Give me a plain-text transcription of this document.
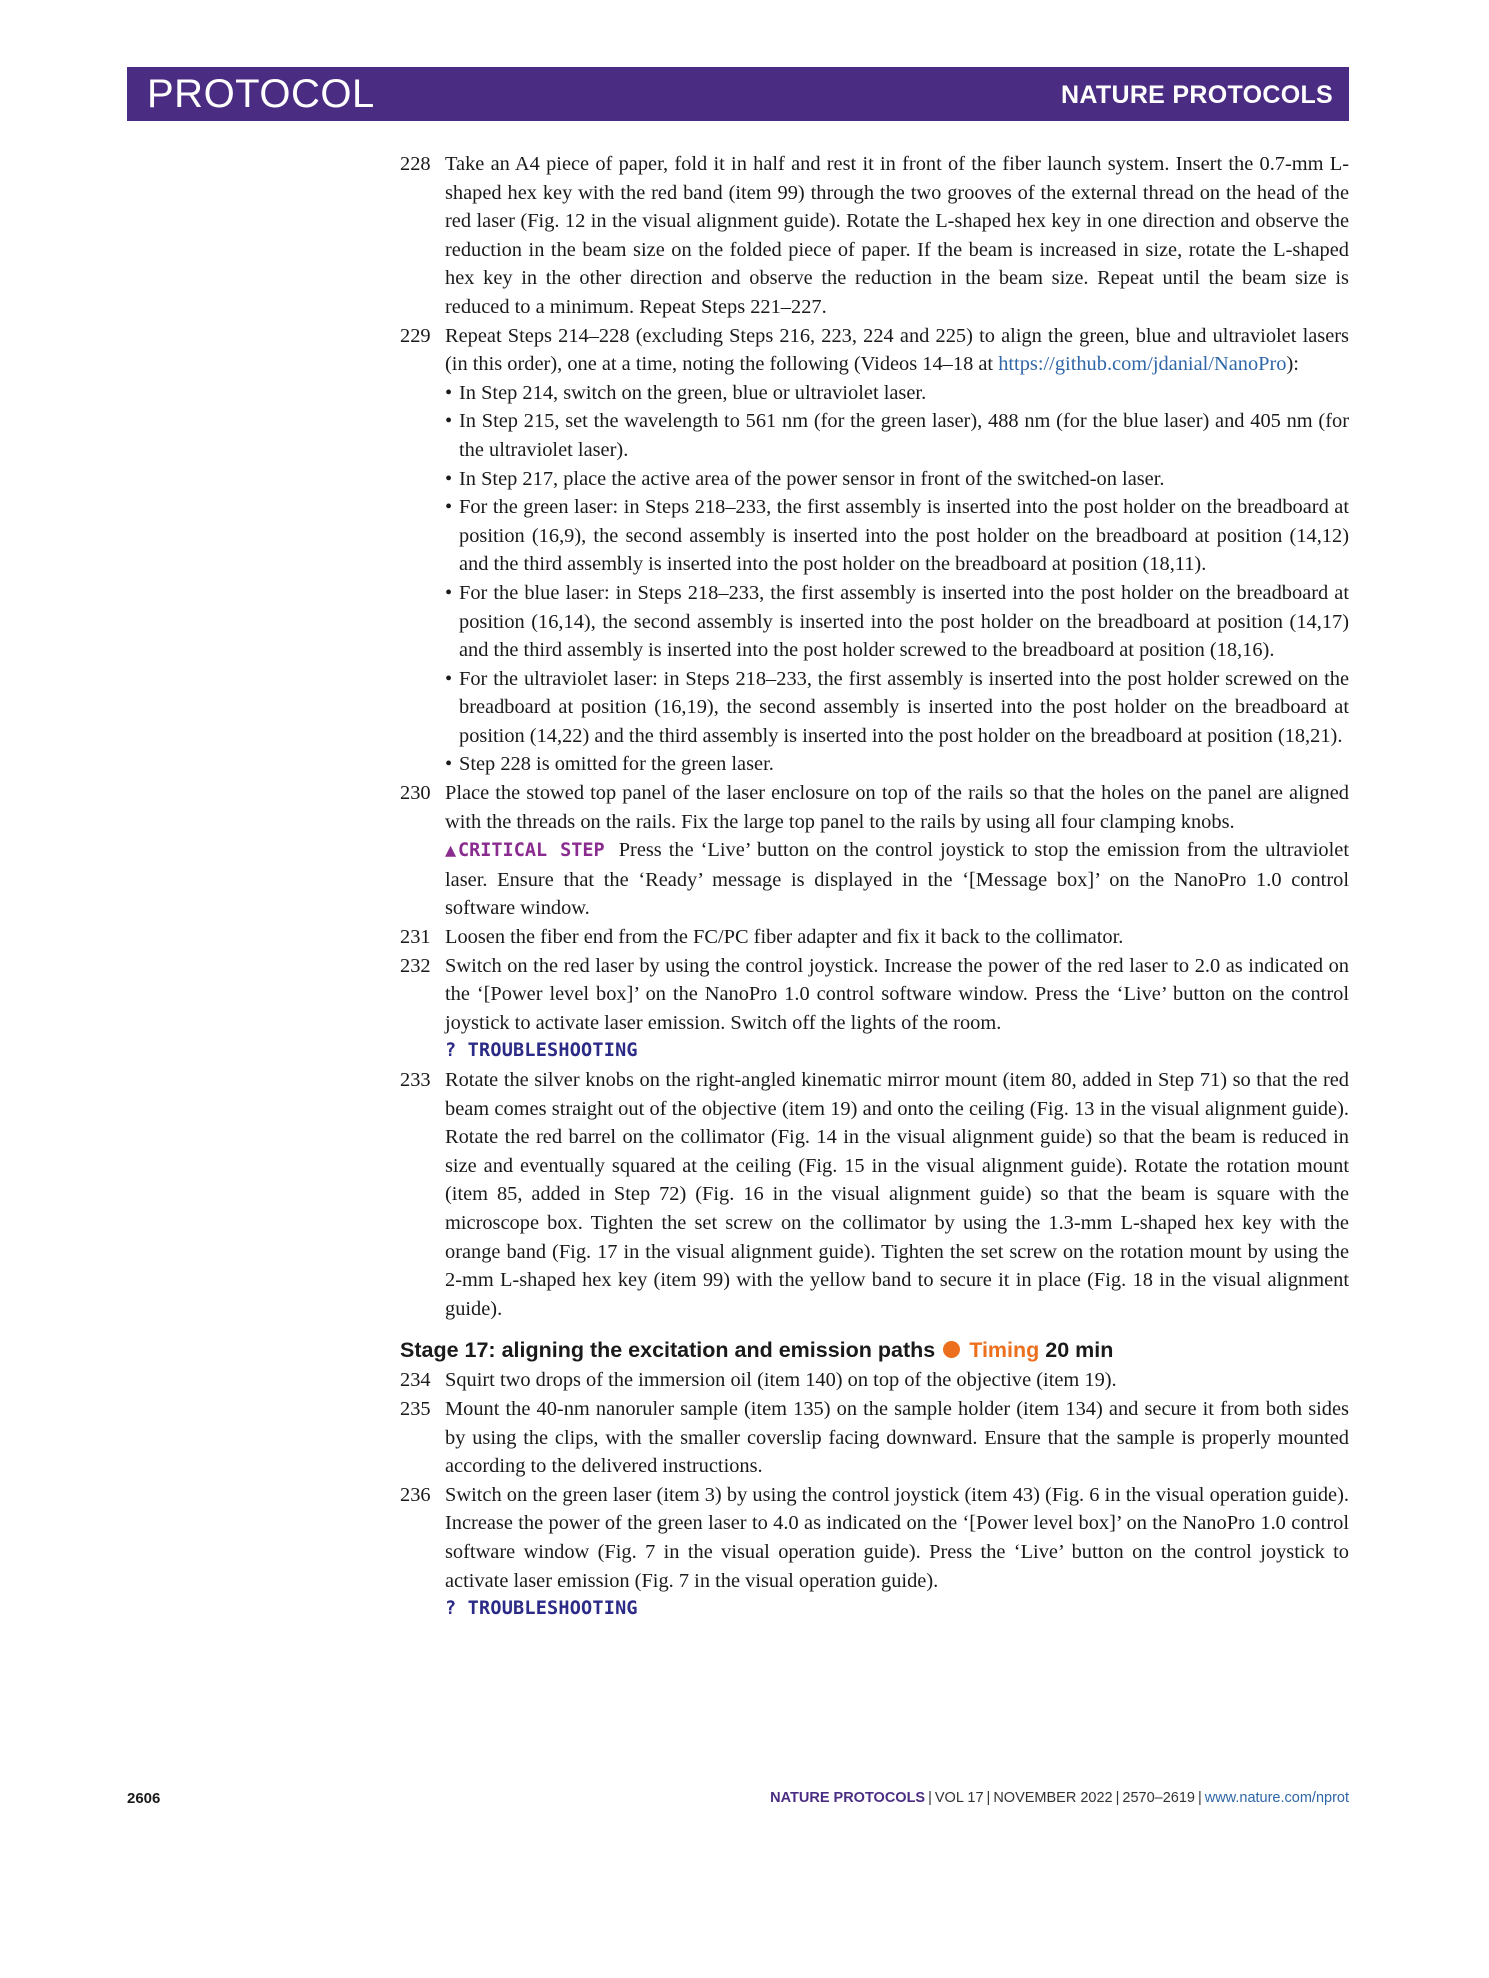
PROTOCOL	NATURE PROTOCOLS
228 Take an A4 piece of paper, fold it in half and rest it in front of the fiber launch system. Insert the 0.7-mm L-shaped hex key with the red band (item 99) through the two grooves of the external thread on the head of the red laser (Fig. 12 in the visual alignment guide). Rotate the L-shaped hex key in one direction and observe the reduction in the beam size on the folded piece of paper. If the beam is increased in size, rotate the L-shaped hex key in the other direction and observe the reduction in the beam size. Repeat until the beam size is reduced to a minimum. Repeat Steps 221–227.
229 Repeat Steps 214–228 (excluding Steps 216, 223, 224 and 225) to align the green, blue and ultraviolet lasers (in this order), one at a time, noting the following (Videos 14–18 at https://github.com/jdanial/NanoPro):
• In Step 214, switch on the green, blue or ultraviolet laser.
• In Step 215, set the wavelength to 561 nm (for the green laser), 488 nm (for the blue laser) and 405 nm (for the ultraviolet laser).
• In Step 217, place the active area of the power sensor in front of the switched-on laser.
• For the green laser: in Steps 218–233, the first assembly is inserted into the post holder on the breadboard at position (16,9), the second assembly is inserted into the post holder on the breadboard at position (14,12) and the third assembly is inserted into the post holder on the breadboard at position (18,11).
• For the blue laser: in Steps 218–233, the first assembly is inserted into the post holder on the breadboard at position (16,14), the second assembly is inserted into the post holder on the breadboard at position (14,17) and the third assembly is inserted into the post holder screwed to the breadboard at position (18,16).
• For the ultraviolet laser: in Steps 218–233, the first assembly is inserted into the post holder screwed on the breadboard at position (16,19), the second assembly is inserted into the post holder on the breadboard at position (14,22) and the third assembly is inserted into the post holder on the breadboard at position (18,21).
• Step 228 is omitted for the green laser.
230 Place the stowed top panel of the laser enclosure on top of the rails so that the holes on the panel are aligned with the threads on the rails. Fix the large top panel to the rails by using all four clamping knobs.
▲CRITICAL STEP Press the ‘Live’ button on the control joystick to stop the emission from the ultraviolet laser. Ensure that the ‘Ready’ message is displayed in the ‘[Message box]’ on the NanoPro 1.0 control software window.
231 Loosen the fiber end from the FC/PC fiber adapter and fix it back to the collimator.
232 Switch on the red laser by using the control joystick. Increase the power of the red laser to 2.0 as indicated on the ‘[Power level box]’ on the NanoPro 1.0 control software window. Press the ‘Live’ button on the control joystick to activate laser emission. Switch off the lights of the room.
? TROUBLESHOOTING
233 Rotate the silver knobs on the right-angled kinematic mirror mount (item 80, added in Step 71) so that the red beam comes straight out of the objective (item 19) and onto the ceiling (Fig. 13 in the visual alignment guide). Rotate the red barrel on the collimator (Fig. 14 in the visual alignment guide) so that the beam is reduced in size and eventually squared at the ceiling (Fig. 15 in the visual alignment guide). Rotate the rotation mount (item 85, added in Step 72) (Fig. 16 in the visual alignment guide) so that the beam is square with the microscope box. Tighten the set screw on the collimator by using the 1.3-mm L-shaped hex key with the orange band (Fig. 17 in the visual alignment guide). Tighten the set screw on the rotation mount by using the 2-mm L-shaped hex key (item 99) with the yellow band to secure it in place (Fig. 18 in the visual alignment guide).
Stage 17: aligning the excitation and emission paths Timing 20 min
234 Squirt two drops of the immersion oil (item 140) on top of the objective (item 19).
235 Mount the 40-nm nanoruler sample (item 135) on the sample holder (item 134) and secure it from both sides by using the clips, with the smaller coverslip facing downward. Ensure that the sample is properly mounted according to the delivered instructions.
236 Switch on the green laser (item 3) by using the control joystick (item 43) (Fig. 6 in the visual operation guide). Increase the power of the green laser to 4.0 as indicated on the ‘[Power level box]’ on the NanoPro 1.0 control software window (Fig. 7 in the visual operation guide). Press the ‘Live’ button on the control joystick to activate laser emission (Fig. 7 in the visual operation guide).
? TROUBLESHOOTING
2606	NATURE PROTOCOLS | VOL 17 | NOVEMBER 2022 | 2570–2619 | www.nature.com/nprot
